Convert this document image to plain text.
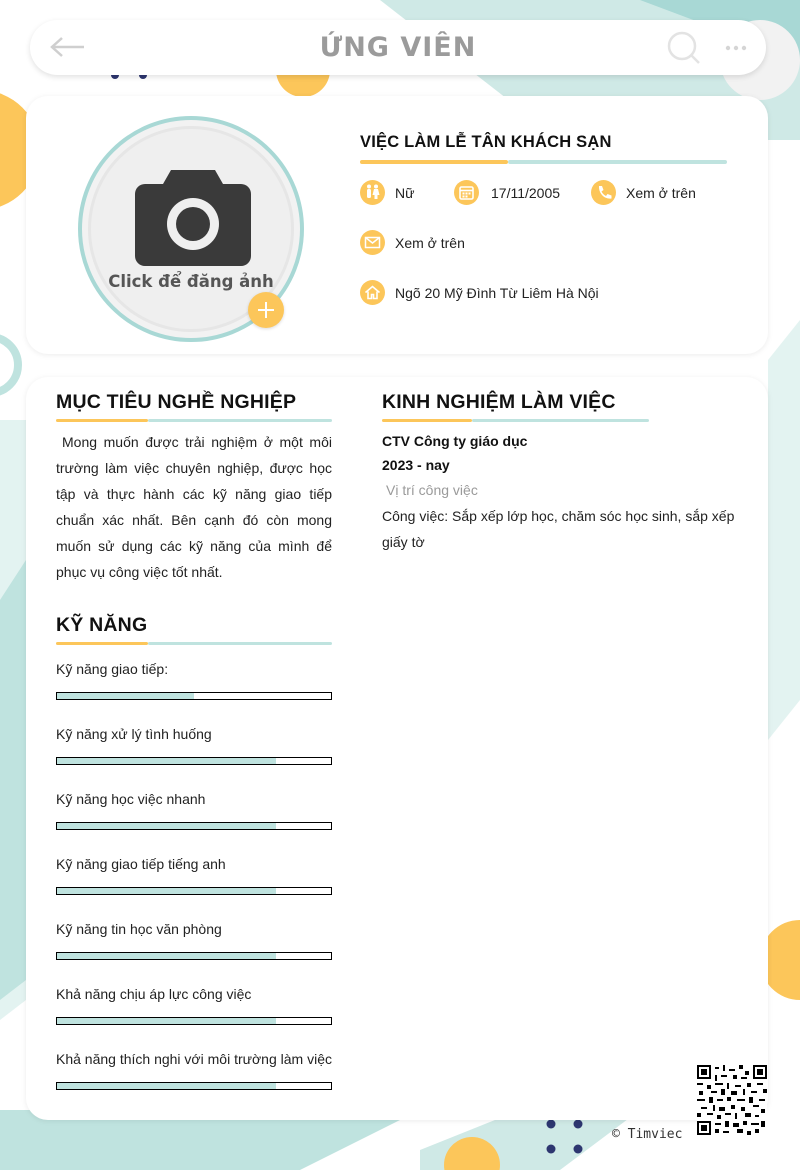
ỨNG VIÊN
Click để đăng ảnh
VIỆC LÀM LỄ TÂN KHÁCH SẠN
Nữ	17/11/2005	Xem ở trên
Xem ở trên
Ngõ 20 Mỹ Đình Từ Liêm Hà Nội
MỤC TIÊU NGHỀ NGHIỆP
Mong muốn được trải nghiệm ở một môi trường làm việc chuyên nghiệp, được học tập và thực hành các kỹ năng giao tiếp chuẩn xác nhất. Bên cạnh đó còn mong muốn sử dụng các kỹ năng của mình để phục vụ công việc tốt nhất.
KỸ NĂNG
Kỹ năng giao tiếp:
Kỹ năng xử lý tình huống
Kỹ năng học việc nhanh
Kỹ năng giao tiếp tiếng anh
Kỹ năng tin học văn phòng
Khả năng chịu áp lực công việc
Khả năng thích nghi với môi trường làm việc
KINH NGHIỆM LÀM VIỆC
CTV Công ty giáo dục
2023 - nay
Vị trí công việc
Công việc: Sắp xếp lớp học, chăm sóc học sinh, sắp xếp giấy tờ
© Timviec
